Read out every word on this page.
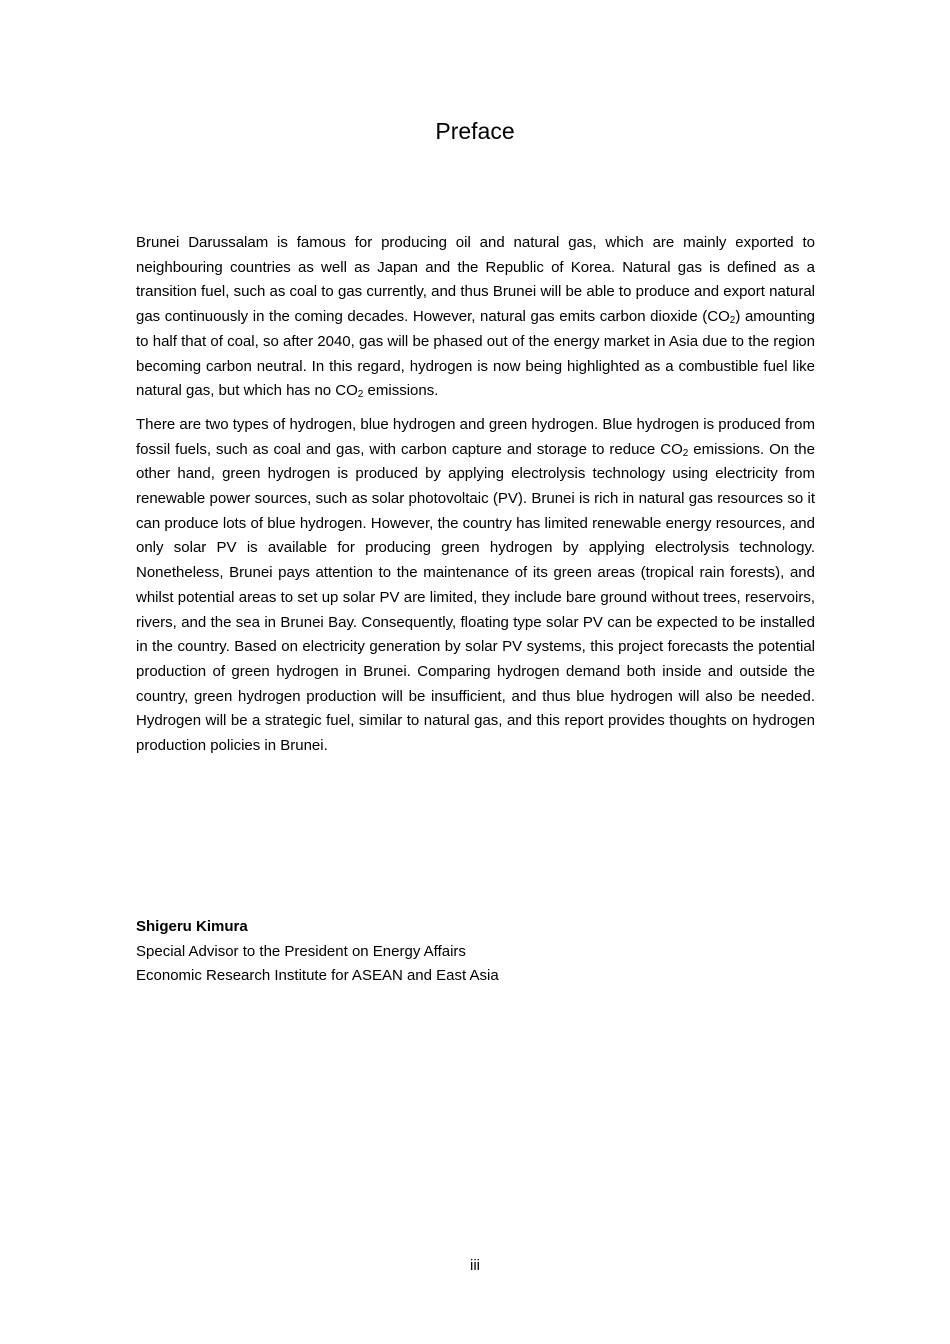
Preface

Brunei Darussalam is famous for producing oil and natural gas, which are mainly exported to neighbouring countries as well as Japan and the Republic of Korea. Natural gas is defined as a transition fuel, such as coal to gas currently, and thus Brunei will be able to produce and export natural gas continuously in the coming decades. However, natural gas emits carbon dioxide $(CO_2)$ amounting to half that of coal, so after 2040, gas will be phased out of the energy market in Asia due to the region becoming carbon neutral. In this regard, hydrogen is now being highlighted as a combustible fuel like natural gas, but which has no $CO_2$ emissions.

There are two types of hydrogen, blue hydrogen and green hydrogen. Blue hydrogen is produced from fossil fuels, such as coal and gas, with carbon capture and storage to reduce $CO_2$ emissions. On the other hand, green hydrogen is produced by applying electrolysis technology using electricity from renewable power sources, such as solar photovoltaic (PV). Brunei is rich in natural gas resources so it can produce lots of blue hydrogen. However, the country has limited renewable energy resources, and only solar PV is available for producing green hydrogen by applying electrolysis technology. Nonetheless, Brunei pays attention to the maintenance of its green areas (tropical rain forests), and whilst potential areas to set up solar PV are limited, they include bare ground without trees, reservoirs, rivers, and the sea in Brunei Bay. Consequently, floating type solar PV can be expected to be installed in the country. Based on electricity generation by solar PV systems, this project forecasts the potential production of green hydrogen in Brunei. Comparing hydrogen demand both inside and outside the country, green hydrogen production will be insufficient, and thus blue hydrogen will also be needed. Hydrogen will be a strategic fuel, similar to natural gas, and this report provides thoughts on hydrogen production policies in Brunei.

Shigeru Kimura
Special Advisor to the President on Energy Affairs
Economic Research Institute for ASEAN and East Asia
iii
